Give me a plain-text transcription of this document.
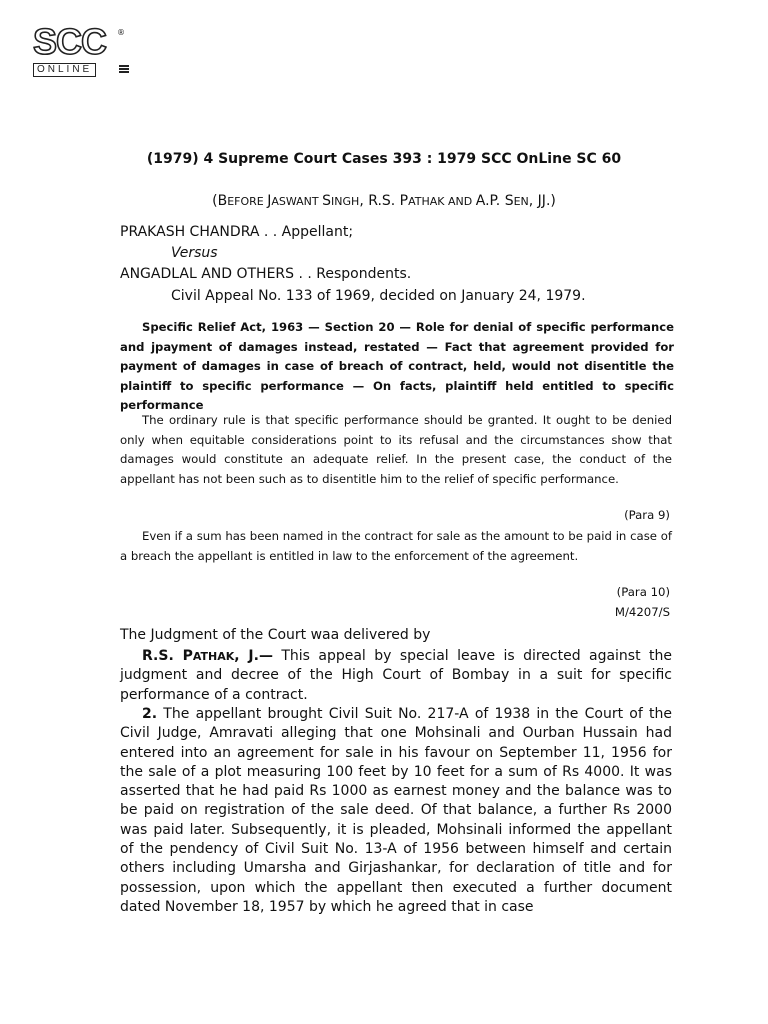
SCC ®
ONLINE
(1979) 4 Supreme Court Cases 393 : 1979 SCC OnLine SC 60
(BEFORE JASWANT SINGH, R.S. PATHAK AND A.P. SEN, JJ.)
PRAKASH CHANDRA . . Appellant;
Versus
ANGADLAL AND OTHERS . . Respondents.
Civil Appeal No. 133 of 1969, decided on January 24, 1979.
Specific Relief Act, 1963 — Section 20 — Role for denial of specific performance and jpayment of damages instead, restated — Fact that agreement provided for payment of damages in case of breach of contract, held, would not disentitle the plaintiff to specific performance — On facts, plaintiff held entitled to specific performance
The ordinary rule is that specific performance should be granted. It ought to be denied only when equitable considerations point to its refusal and the circumstances show that damages would constitute an adequate relief. In the present case, the conduct of the appellant has not been such as to disentitle him to the relief of specific performance.
(Para 9)
Even if a sum has been named in the contract for sale as the amount to be paid in case of a breach the appellant is entitled in law to the enforcement of the agreement.
(Para 10)
M/4207/S
The Judgment of the Court waa delivered by
R.S. PATHAK, J.— This appeal by special leave is directed against the judgment and decree of the High Court of Bombay in a suit for specific performance of a contract.
2. The appellant brought Civil Suit No. 217-A of 1938 in the Court of the Civil Judge, Amravati alleging that one Mohsinali and Ourban Hussain had entered into an agreement for sale in his favour on September 11, 1956 for the sale of a plot measuring 100 feet by 10 feet for a sum of Rs 4000. It was asserted that he had paid Rs 1000 as earnest money and the balance was to be paid on registration of the sale deed. Of that balance, a further Rs 2000 was paid later. Subsequently, it is pleaded, Mohsinali informed the appellant of the pendency of Civil Suit No. 13-A of 1956 between himself and certain others including Umarsha and Girjashankar, for declaration of title and for possession, upon which the appellant then executed a further document dated November 18, 1957 by which he agreed that in case
